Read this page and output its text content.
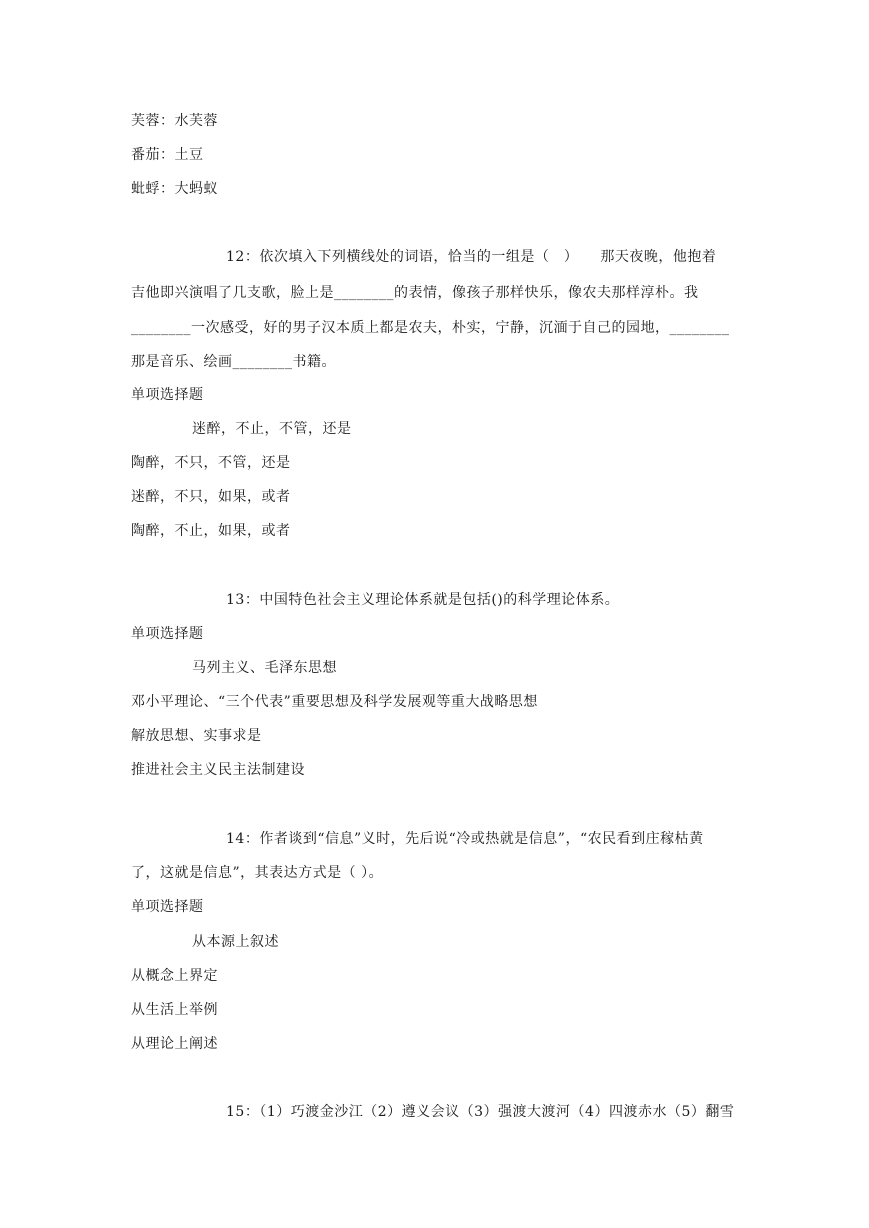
芙蓉：水芙蓉
番茄：土豆
蚍蜉：大蚂蚁
12：依次填入下列横线处的词语，恰当的一组是（　）　　那天夜晚，他抱着
吉他即兴演唱了几支歌，脸上是________的表情，像孩子那样快乐，像农夫那样淳朴。我
________一次感受，好的男子汉本质上都是农夫，朴实，宁静，沉湎于自己的园地，________
那是音乐、绘画________书籍。
单项选择题
迷醉，不止，不管，还是
陶醉，不只，不管，还是
迷醉，不只，如果，或者
陶醉，不止，如果，或者
13：中国特色社会主义理论体系就是包括()的科学理论体系。
单项选择题
马列主义、毛泽东思想
邓小平理论、“三个代表”重要思想及科学发展观等重大战略思想
解放思想、实事求是
推进社会主义民主法制建设
14：作者谈到“信息”义时，先后说“冷或热就是信息”，“农民看到庄稼枯黄
了，这就是信息”，其表达方式是（ ）。
单项选择题
从本源上叙述
从概念上界定
从生活上举例
从理论上阐述
15：（1）巧渡金沙江（2）遵义会议（3）强渡大渡河（4）四渡赤水（5）翻雪
